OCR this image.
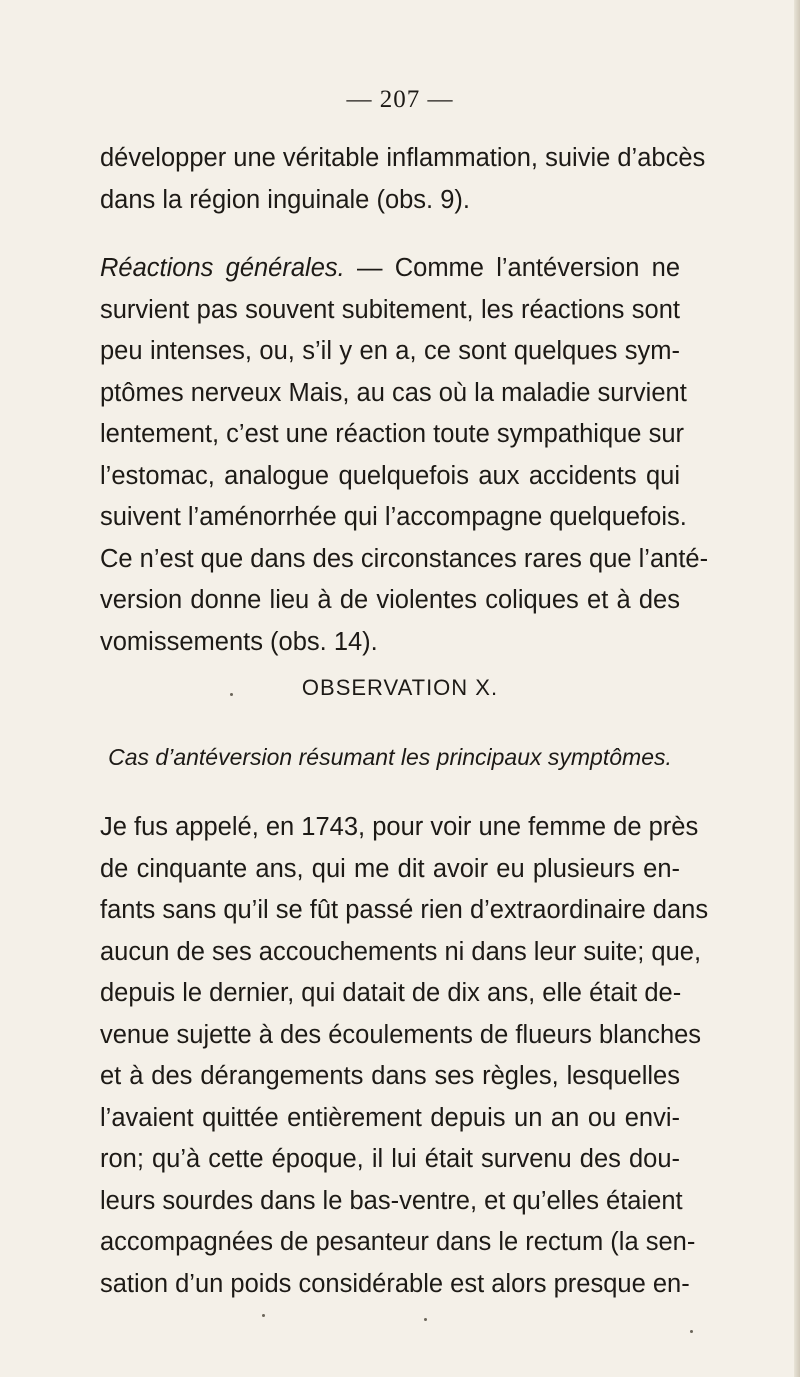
— 207 —
développer une véritable inflammation, suivie d’abcès
dans la région inguinale (obs. 9).
Réactions générales. — Comme l’antéversion ne
survient pas souvent subitement, les réactions sont
peu intenses, ou, s’il y en a, ce sont quelques sym-
ptômes nerveux Mais, au cas où la maladie survient
lentement, c’est une réaction toute sympathique sur
l’estomac, analogue quelquefois aux accidents qui
suivent l’aménorrhée qui l’accompagne quelquefois.
Ce n’est que dans des circonstances rares que l’anté-
version donne lieu à de violentes coliques et à des
vomissements (obs. 14).
OBSERVATION X.
Cas d’antéversion résumant les principaux symptômes.
Je fus appelé, en 1743, pour voir une femme de près
de cinquante ans, qui me dit avoir eu plusieurs en-
fants sans qu’il se fût passé rien d’extraordinaire dans
aucun de ses accouchements ni dans leur suite; que,
depuis le dernier, qui datait de dix ans, elle était de-
venue sujette à des écoulements de flueurs blanches
et à des dérangements dans ses règles, lesquelles
l’avaient quittée entièrement depuis un an ou envi-
ron; qu’à cette époque, il lui était survenu des dou-
leurs sourdes dans le bas-ventre, et qu’elles étaient
accompagnées de pesanteur dans le rectum (la sen-
sation d’un poids considérable est alors presque en-
